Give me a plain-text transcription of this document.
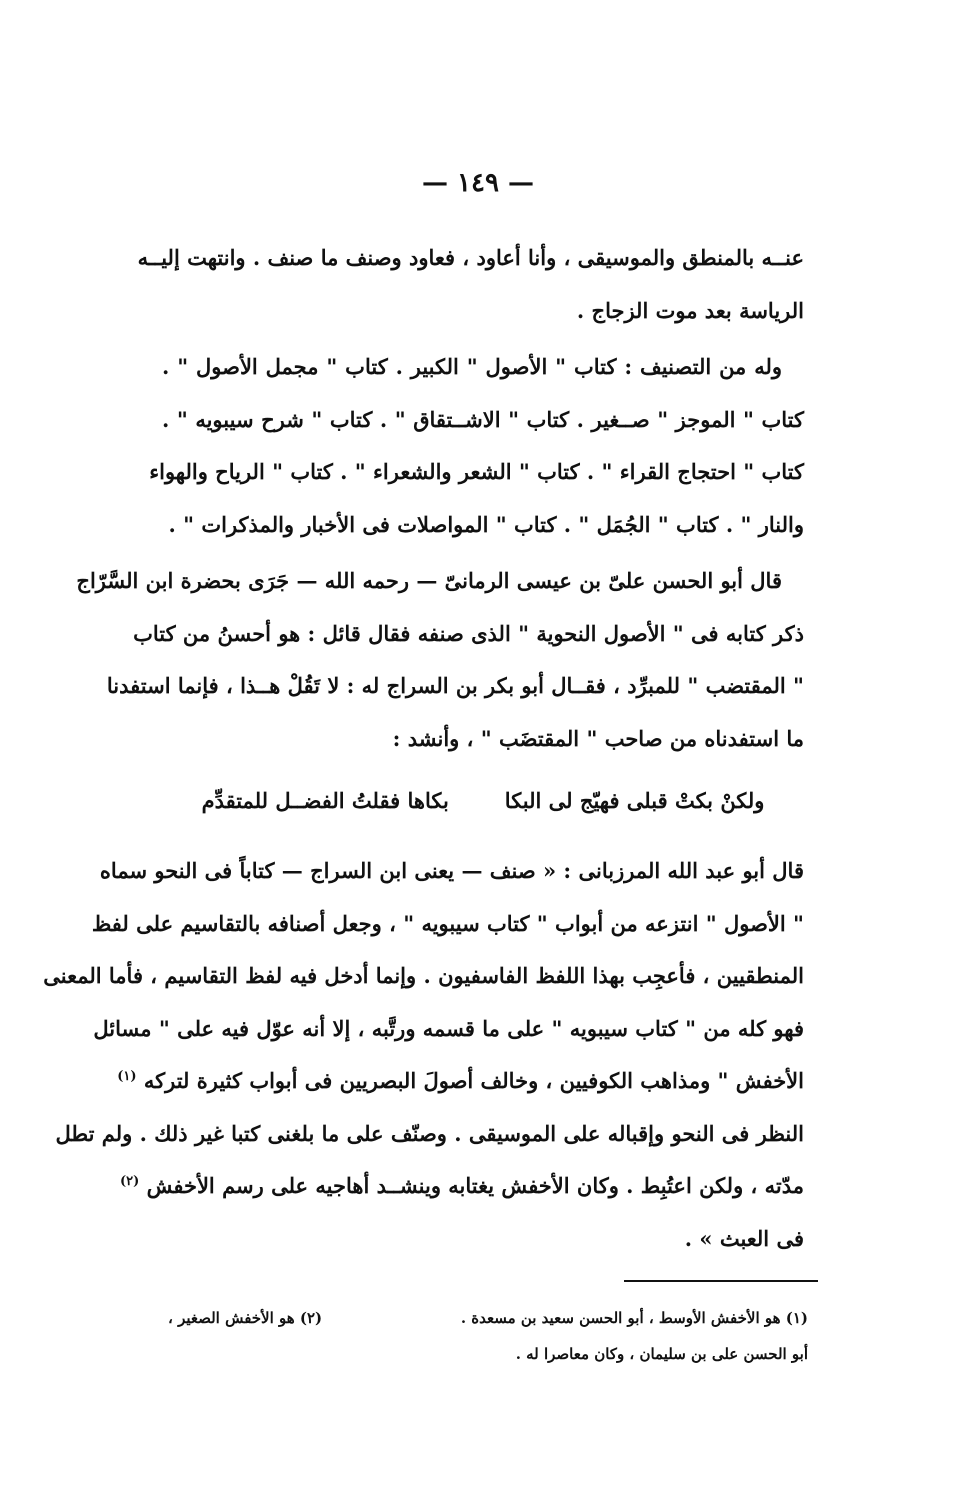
— ١٤٩ —
عنــه بالمنطق والموسيقى ، وأنا أعاود ، فعاود وصنف ما صنف . وانتهت إليــه
الرياسة بعد موت الزجاج .
وله من التصنيف : كتاب " الأصول " الكبير . كتاب " مجمل الأصول " .
كتاب " الموجز " صــغير . كتاب " الاشــتقاق " . كتاب " شرح سيبويه " .
كتاب " احتجاج القراء " . كتاب " الشعر والشعراء " . كتاب " الرياح والهواء
والنار " . كتاب " الجُمَل " . كتاب " المواصلات فى الأخبار والمذكرات " .
قال أبو الحسن علىّ بن عيسى الرمانىّ — رحمه الله — جَرَى بحضرة ابن السَّرّاج
ذكر كتابه فى " الأصول النحوية " الذى صنفه فقال قائل : هو أحسنُ من كتاب
" المقتضب " للمبرِّد ، فقــال أبو بكر بن السراج له : لا تَقُلْ هــذا ، فإنما استفدنا
ما استفدناه من صاحب " المقتضَب " ، وأنشد :
ولكنْ بكتْ قبلى فهيّج لى البكا
بكاها فقلتُ الفضــل للمتقدِّم
قال أبو عبد الله المرزبانى : « صنف — يعنى ابن السراج — كتاباً فى النحو سماه
" الأصول " انتزعه من أبواب " كتاب سيبويه " ، وجعل أصنافه بالتقاسيم على لفظ
المنطقيين ، فأعجِب بهذا اللفظ الفاسفيون . وإنما أدخل فيه لفظ التقاسيم ، فأما المعنى
فهو كله من " كتاب سيبويه " على ما قسمه ورتَّبه ، إلا أنه عوّل فيه على " مسائل
الأخفش " ومذاهب الكوفيين ، وخالف أصولَ البصريين فى أبواب كثيرة لتركه $^{(١)}$
النظر فى النحو وإقباله على الموسيقى . وصنّف على ما بلغنى كتبا غير ذلك . ولم تطل
مدّته ، ولكن اعتُبِط . وكان الأخفش يغتابه وينشــد أهاجيه على رسم الأخفش $^{(٢)}$
فى العبث » .
(١) هو الأخفش الأوسط ، أبو الحسن سعيد بن مسعدة .
(٢) هو الأخفش الصغير ،
أبو الحسن على بن سليمان ، وكان معاصرا له .
